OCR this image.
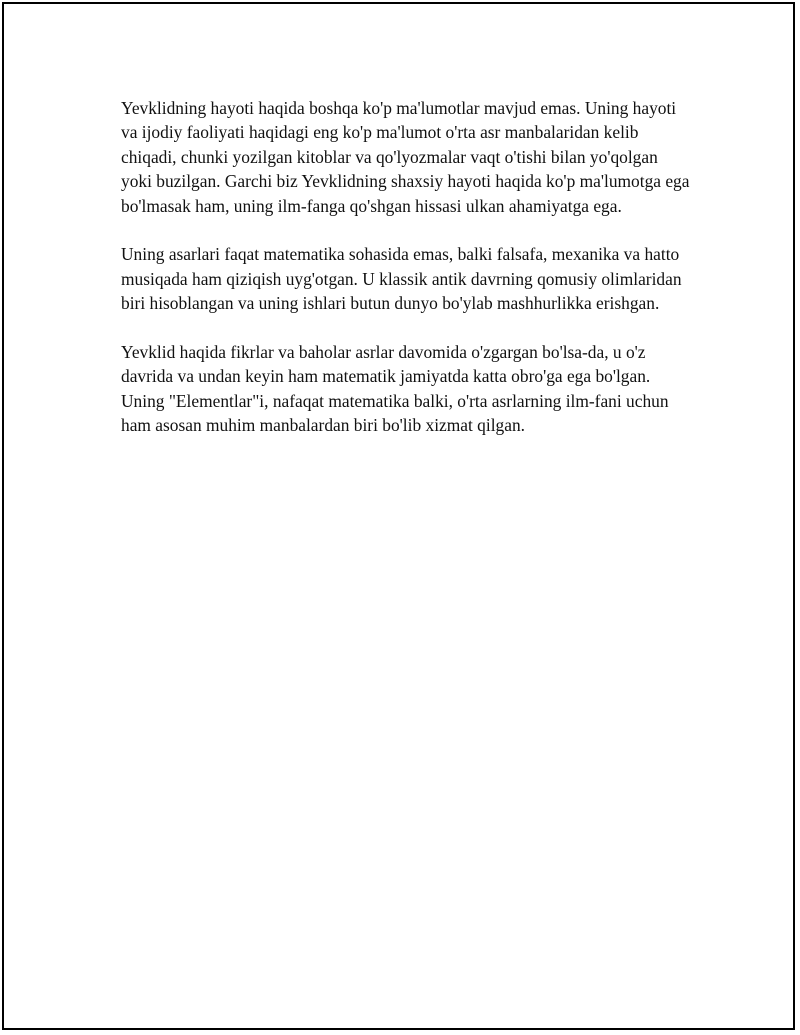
Yevklidning hayoti haqida boshqa ko'p ma'lumotlar mavjud emas. Uning hayoti va ijodiy faoliyati haqidagi eng ko'p ma'lumot o'rta asr manbalaridan kelib chiqadi, chunki yozilgan kitoblar va qo'lyozmalar vaqt o'tishi bilan yo'qolgan yoki buzilgan. Garchi biz Yevklidning shaxsiy hayoti haqida ko'p ma'lumotga ega bo'lmasak ham, uning ilm-fanga qo'shgan hissasi ulkan ahamiyatga ega.

Uning asarlari faqat matematika sohasida emas, balki falsafa, mexanika va hatto musiqada ham qiziqish uyg'otgan. U klassik antik davrning qomusiy olimlaridan biri hisoblangan va uning ishlari butun dunyo bo'ylab mashhurlikka erishgan.

Yevklid haqida fikrlar va baholar asrlar davomida o'zgargan bo'lsa-da, u o'z davrida va undan keyin ham matematik jamiyatda katta obro'ga ega bo'lgan. Uning "Elementlar"i, nafaqat matematika balki, o'rta asrlarning ilm-fani uchun ham asosan muhim manbalardan biri bo'lib xizmat qilgan.
